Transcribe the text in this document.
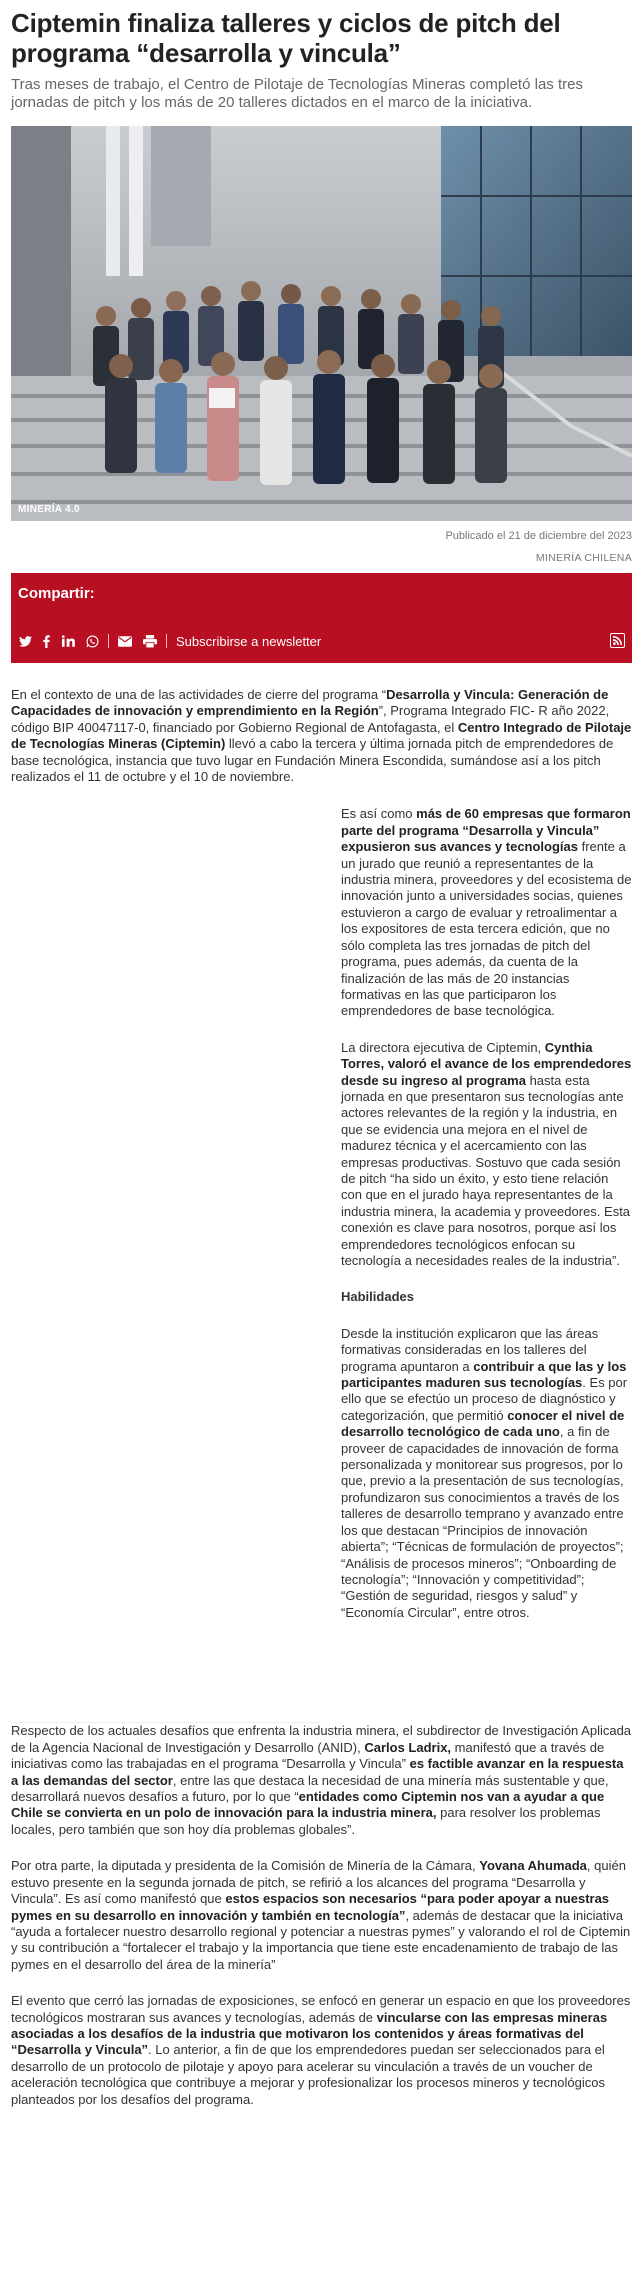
Ciptemin finaliza talleres y ciclos de pitch del programa “desarrolla y vincula”

Tras meses de trabajo, el Centro de Pilotaje de Tecnologías Mineras completó las tres jornadas de pitch y los más de 20 talleres dictados en el marco de la iniciativa.

MINERÍA 4.0
Publicado el 21 de diciembre del 2023
MINERÍA CHILENA
Compartir:
Subscribirse a newsletter

En el contexto de una de las actividades de cierre del programa “Desarrolla y Vincula: Generación de Capacidades de innovación y emprendimiento en la Región”, Programa Integrado FIC- R año 2022, código BIP 40047117-0, financiado por Gobierno Regional de Antofagasta, el Centro Integrado de Pilotaje de Tecnologías Mineras (Ciptemin) llevó a cabo la tercera y última jornada pitch de emprendedores de base tecnológica, instancia que tuvo lugar en Fundación Minera Escondida, sumándose así a los pitch realizados el 11 de octubre y el 10 de noviembre.

Es así como más de 60 empresas que formaron parte del programa “Desarrolla y Vincula” expusieron sus avances y tecnologías frente a un jurado que reunió a representantes de la industria minera, proveedores y del ecosistema de innovación junto a universidades socias, quienes estuvieron a cargo de evaluar y retroalimentar a los expositores de esta tercera edición, que no sólo completa las tres jornadas de pitch del programa, pues además, da cuenta de la finalización de las más de 20 instancias formativas en las que participaron los emprendedores de base tecnológica.

La directora ejecutiva de Ciptemin, Cynthia Torres, valoró el avance de los emprendedores desde su ingreso al programa hasta esta jornada en que presentaron sus tecnologías ante actores relevantes de la región y la industria, en que se evidencia una mejora en el nivel de madurez técnica y el acercamiento con las empresas productivas. Sostuvo que cada sesión de pitch “ha sido un éxito, y esto tiene relación con que en el jurado haya representantes de la industria minera, la academia y proveedores. Esta conexión es clave para nosotros, porque así los emprendedores tecnológicos enfocan su tecnología a necesidades reales de la industria”.

Habilidades

Desde la institución explicaron que las áreas formativas consideradas en los talleres del programa apuntaron a contribuir a que las y los participantes maduren sus tecnologías. Es por ello que se efectúo un proceso de diagnóstico y categorización, que permitió conocer el nivel de desarrollo tecnológico de cada uno, a fin de proveer de capacidades de innovación de forma personalizada y monitorear sus progresos, por lo que, previo a la presentación de sus tecnologías, profundizaron sus conocimientos a través de los talleres de desarrollo temprano y avanzado entre los que destacan “Principios de innovación abierta”; “Técnicas de formulación de proyectos”; “Análisis de procesos mineros”; “Onboarding de tecnología”; “Innovación y competitividad”; “Gestión de seguridad, riesgos y salud” y “Economía Circular”, entre otros.

Respecto de los actuales desafíos que enfrenta la industria minera, el subdirector de Investigación Aplicada de la Agencia Nacional de Investigación y Desarrollo (ANID), Carlos Ladrix, manifestó que a través de iniciativas como las trabajadas en el programa “Desarrolla y Vincula” es factible avanzar en la respuesta a las demandas del sector, entre las que destaca la necesidad de una minería más sustentable y que, desarrollará nuevos desafíos a futuro, por lo que “entidades como Ciptemin nos van a ayudar a que Chile se convierta en un polo de innovación para la industria minera, para resolver los problemas locales, pero también que son hoy día problemas globales”.

Por otra parte, la diputada y presidenta de la Comisión de Minería de la Cámara, Yovana Ahumada, quién estuvo presente en la segunda jornada de pitch, se refirió a los alcances del programa “Desarrolla y Vincula”. Es así como manifestó que estos espacios son necesarios “para poder apoyar a nuestras pymes en su desarrollo en innovación y también en tecnología”, además de destacar que la iniciativa “ayuda a fortalecer nuestro desarrollo regional y potenciar a nuestras pymes” y valorando el rol de Ciptemin y su contribución a “fortalecer el trabajo y la importancia que tiene este encadenamiento de trabajo de las pymes en el desarrollo del área de la minería”

El evento que cerró las jornadas de exposiciones, se enfocó en generar un espacio en que los proveedores tecnológicos mostraran sus avances y tecnologías, además de vincularse con las empresas mineras asociadas a los desafíos de la industria que motivaron los contenidos y áreas formativas del “Desarrolla y Vincula”. Lo anterior, a fin de que los emprendedores puedan ser seleccionados para el desarrollo de un protocolo de pilotaje y apoyo para acelerar su vinculación a través de un voucher de aceleración tecnológica que contribuye a mejorar y profesionalizar los procesos mineros y tecnológicos planteados por los desafíos del programa.
